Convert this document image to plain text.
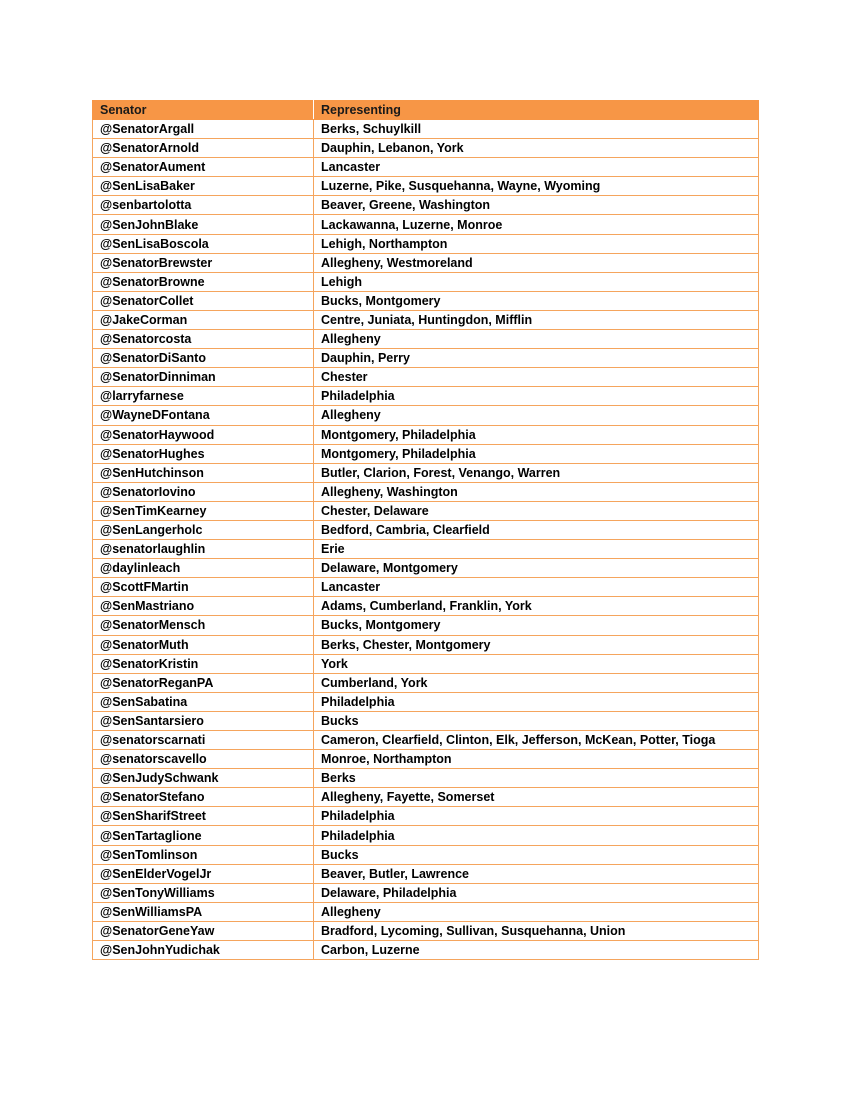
Senator	Representing
@SenatorArgall	Berks, Schuylkill
@SenatorArnold	Dauphin, Lebanon, York
@SenatorAument	Lancaster
@SenLisaBaker	Luzerne, Pike, Susquehanna, Wayne, Wyoming
@senbartolotta	Beaver, Greene, Washington
@SenJohnBlake	Lackawanna, Luzerne, Monroe
@SenLisaBoscola	Lehigh, Northampton
@SenatorBrewster	Allegheny, Westmoreland
@SenatorBrowne	Lehigh
@SenatorCollet	Bucks, Montgomery
@JakeCorman	Centre, Juniata, Huntingdon, Mifflin
@Senatorcosta	Allegheny
@SenatorDiSanto	Dauphin, Perry
@SenatorDinniman	Chester
@larryfarnese	Philadelphia
@WayneDFontana	Allegheny
@SenatorHaywood	Montgomery, Philadelphia
@SenatorHughes	Montgomery, Philadelphia
@SenHutchinson	Butler, Clarion, Forest, Venango, Warren
@SenatorIovino	Allegheny, Washington
@SenTimKearney	Chester, Delaware
@SenLangerholc	Bedford, Cambria, Clearfield
@senatorlaughlin	Erie
@daylinleach	Delaware, Montgomery
@ScottFMartin	Lancaster
@SenMastriano	Adams, Cumberland, Franklin, York
@SenatorMensch	Bucks, Montgomery
@SenatorMuth	Berks, Chester, Montgomery
@SenatorKristin	York
@SenatorReganPA	Cumberland, York
@SenSabatina	Philadelphia
@SenSantarsiero	Bucks
@senatorscarnati	Cameron, Clearfield, Clinton, Elk, Jefferson, McKean, Potter, Tioga
@senatorscavello	Monroe, Northampton
@SenJudySchwank	Berks
@SenatorStefano	Allegheny, Fayette, Somerset
@SenSharifStreet	Philadelphia
@SenTartaglione	Philadelphia
@SenTomlinson	Bucks
@SenElderVogelJr	Beaver, Butler, Lawrence
@SenTonyWilliams	Delaware, Philadelphia
@SenWilliamsPA	Allegheny
@SenatorGeneYaw	Bradford, Lycoming, Sullivan, Susquehanna, Union
@SenJohnYudichak	Carbon, Luzerne
